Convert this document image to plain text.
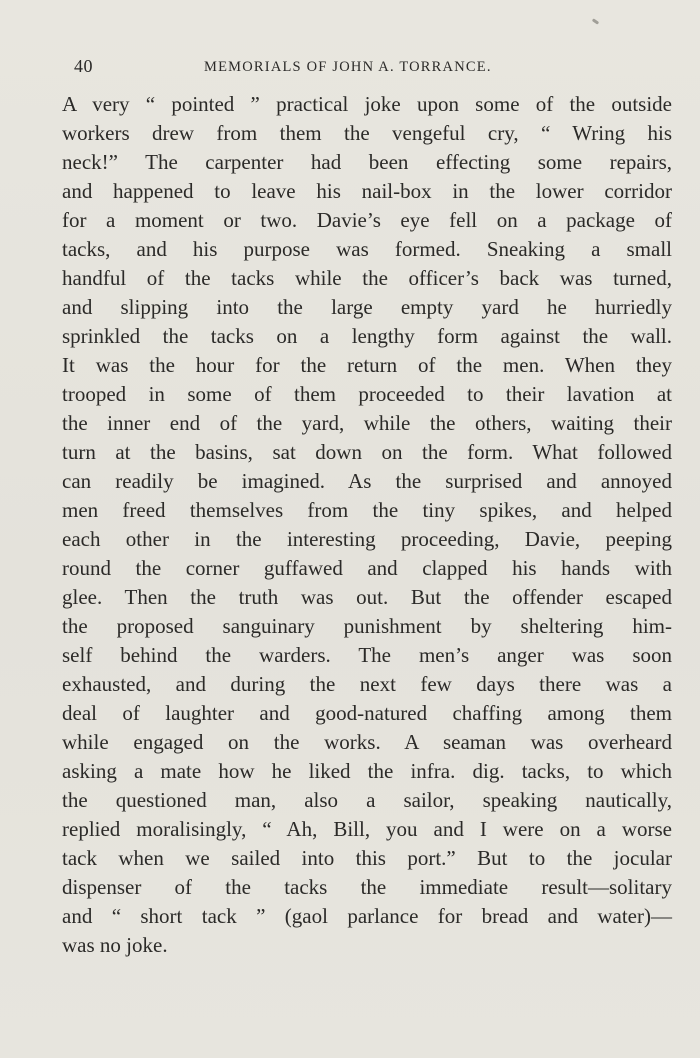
40	MEMORIALS OF JOHN A. TORRANCE.
A very “ pointed ” practical joke upon some of the outside
workers drew from them the vengeful cry, “ Wring his
neck!” The carpenter had been effecting some repairs,
and happened to leave his nail-box in the lower corridor
for a moment or two. Davie’s eye fell on a package of
tacks, and his purpose was formed. Sneaking a small
handful of the tacks while the officer’s back was turned,
and slipping into the large empty yard he hurriedly
sprinkled the tacks on a lengthy form against the wall.
It was the hour for the return of the men. When they
trooped in some of them proceeded to their lavation at
the inner end of the yard, while the others, waiting their
turn at the basins, sat down on the form. What followed
can readily be imagined. As the surprised and annoyed
men freed themselves from the tiny spikes, and helped
each other in the interesting proceeding, Davie, peeping
round the corner guffawed and clapped his hands with
glee. Then the truth was out. But the offender escaped
the proposed sanguinary punishment by sheltering him-
self behind the warders. The men’s anger was soon
exhausted, and during the next few days there was a
deal of laughter and good-natured chaffing among them
while engaged on the works. A seaman was overheard
asking a mate how he liked the infra. dig. tacks, to which
the questioned man, also a sailor, speaking nautically,
replied moralisingly, “ Ah, Bill, you and I were on a worse
tack when we sailed into this port.” But to the jocular
dispenser of the tacks the immediate result—solitary
and “ short tack ” (gaol parlance for bread and water)—
was no joke.
